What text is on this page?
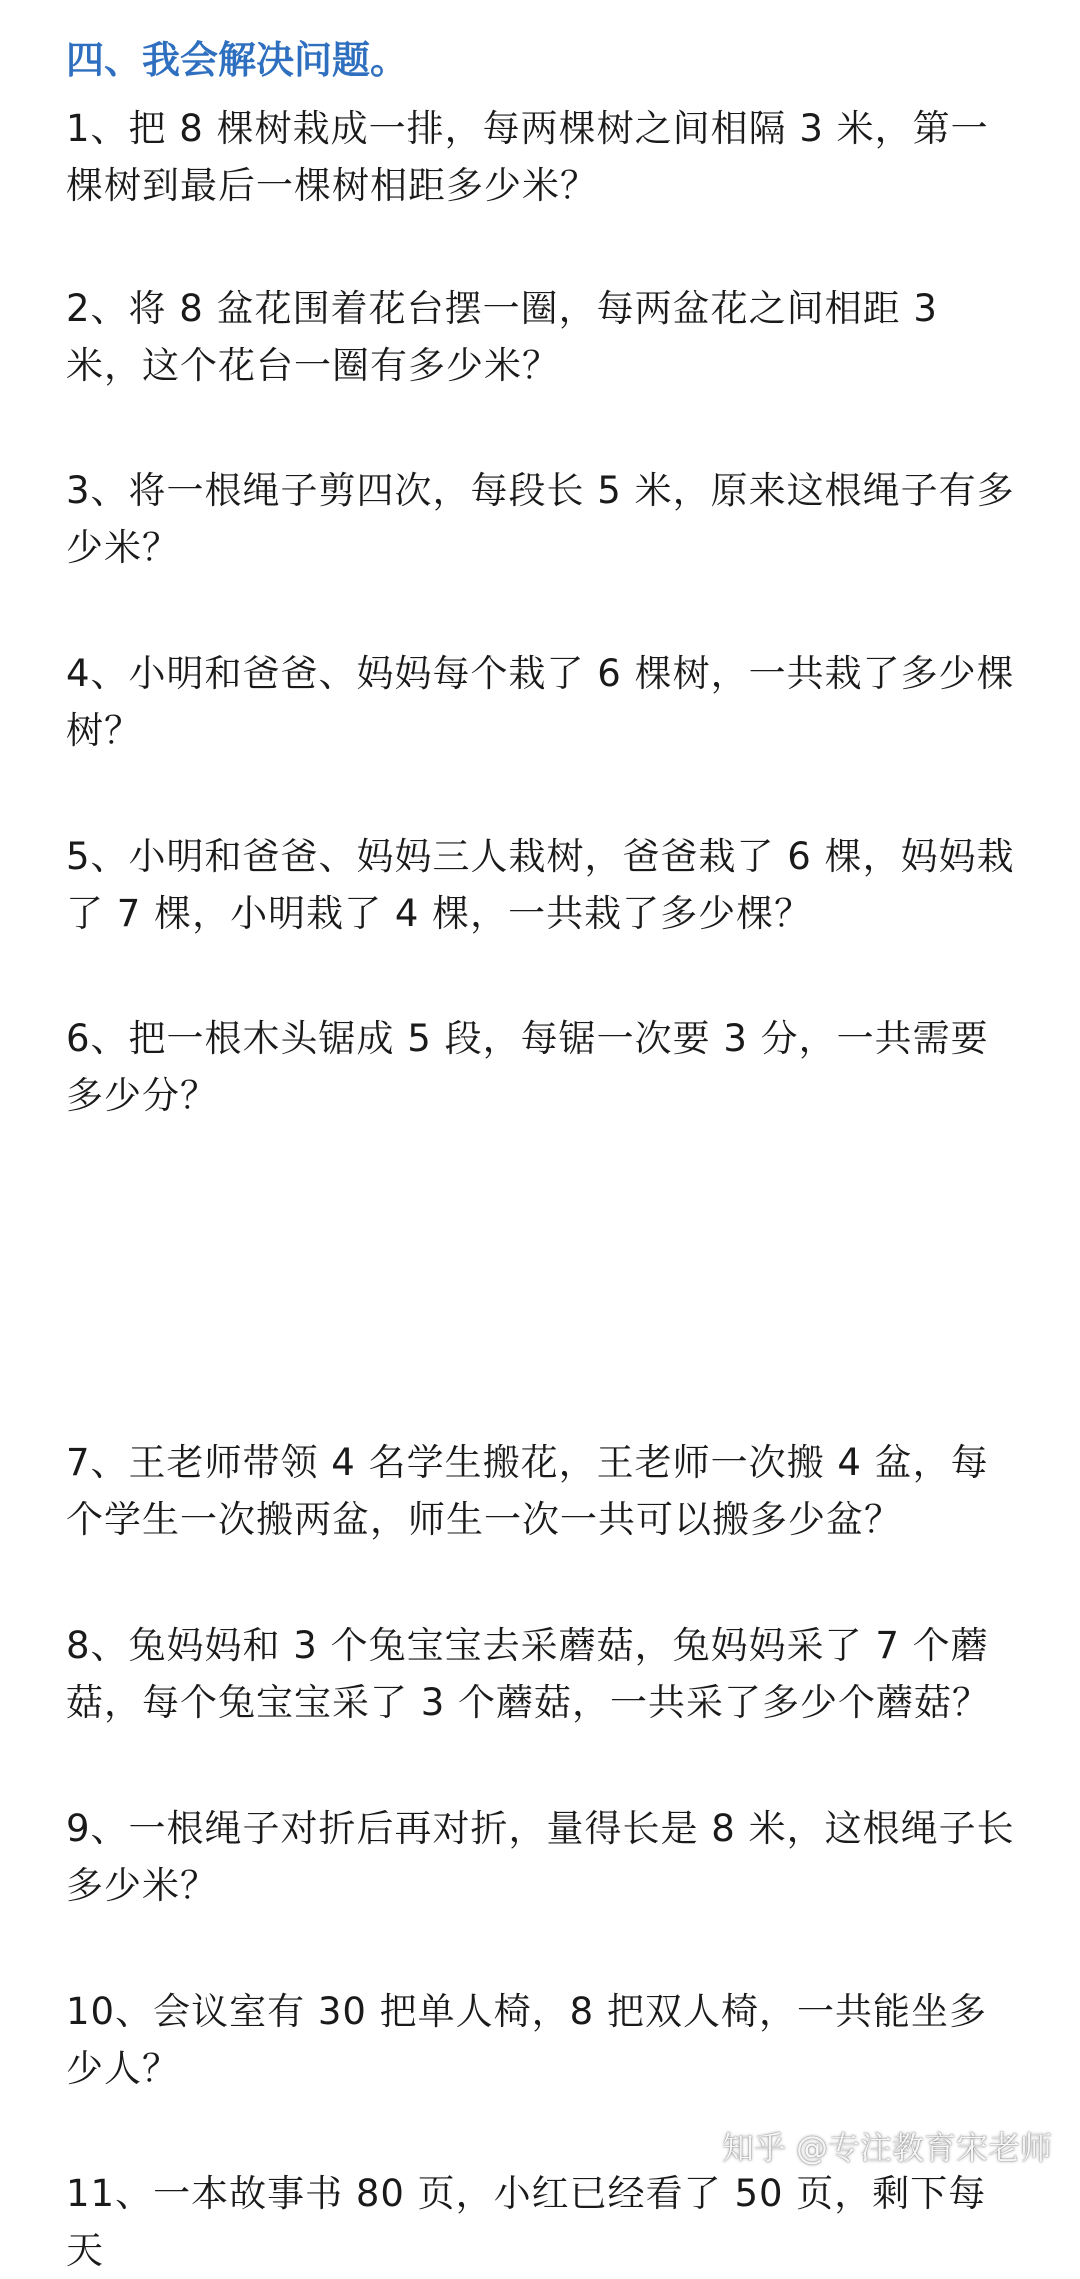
四、我会解决问题。
1、把 8 棵树栽成一排，每两棵树之间相隔 3 米，第一棵树到最后一棵树相距多少米？
2、将 8 盆花围着花台摆一圈，每两盆花之间相距 3 米，这个花台一圈有多少米？
3、将一根绳子剪四次，每段长 5 米，原来这根绳子有多少米？
4、小明和爸爸、妈妈每个栽了 6 棵树，一共栽了多少棵树？
5、小明和爸爸、妈妈三人栽树，爸爸栽了 6 棵，妈妈栽了 7 棵，小明栽了 4 棵，一共栽了多少棵？
6、把一根木头锯成 5 段，每锯一次要 3 分，一共需要多少分？
7、王老师带领 4 名学生搬花，王老师一次搬 4 盆，每个学生一次搬两盆，师生一次一共可以搬多少盆？
8、兔妈妈和 3 个兔宝宝去采蘑菇，兔妈妈采了 7 个蘑菇，每个兔宝宝采了 3 个蘑菇，一共采了多少个蘑菇？
9、一根绳子对折后再对折，量得长是 8 米，这根绳子长多少米？
10、会议室有 30 把单人椅，8 把双人椅，一共能坐多少人？
11、一本故事书 80 页，小红已经看了 50 页，剩下每天
知乎 @专注教育宋老师
